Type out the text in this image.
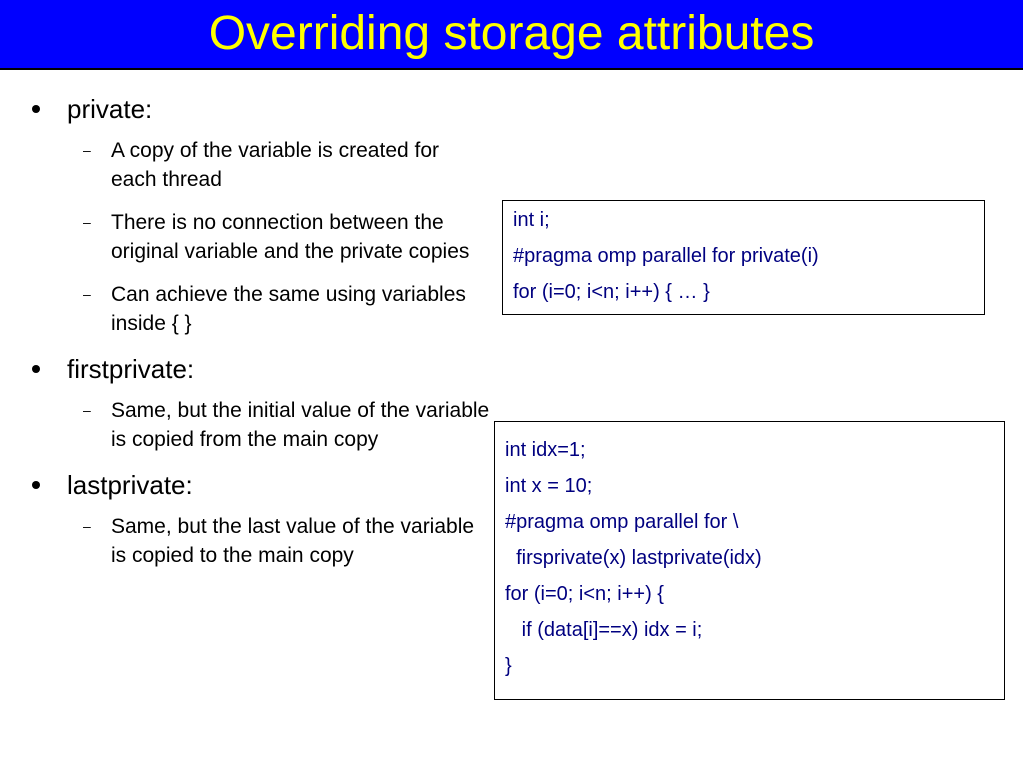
Overriding storage attributes
private:
– A copy of the variable is created for each thread
– There is no connection between the original variable and the private copies
– Can achieve the same using variables inside { }
firstprivate:
– Same, but the initial value of the variable is copied from the main copy
lastprivate:
– Same, but the last value of the variable is copied to the main copy
int i;
#pragma omp parallel for private(i)
for (i=0; i<n; i++) { … }
int idx=1;
int x = 10;
#pragma omp parallel for \
firsprivate(x) lastprivate(idx)
for (i=0; i<n; i++) {
if (data[i]==x) idx = i;
}
